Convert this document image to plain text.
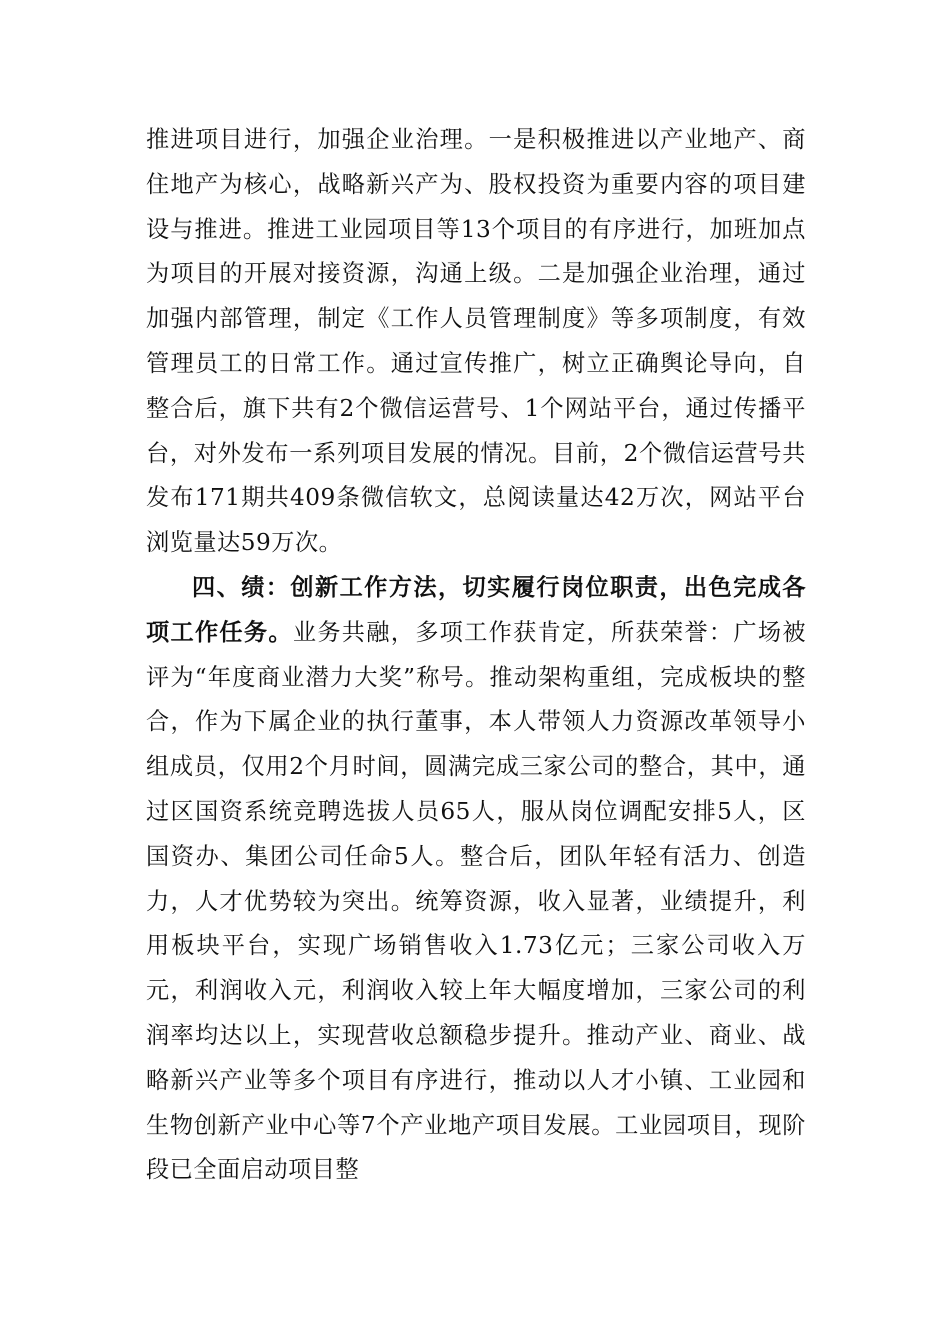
推进项目进行，加强企业治理。一是积极推进以产业地产、商住地产为核心，战略新兴产为、股权投资为重要内容的项目建设与推进。推进工业园项目等13个项目的有序进行，加班加点为项目的开展对接资源，沟通上级。二是加强企业治理，通过加强内部管理，制定《工作人员管理制度》等多项制度，有效管理员工的日常工作。通过宣传推广，树立正确舆论导向，自整合后，旗下共有2个微信运营号、1个网站平台，通过传播平台，对外发布一系列项目发展的情况。目前，2个微信运营号共发布171期共409条微信软文，总阅读量达42万次，网站平台浏览量达59万次。

四、绩：创新工作方法，切实履行岗位职责，出色完成各项工作任务。业务共融，多项工作获肯定，所获荣誉：广场被评为“年度商业潜力大奖”称号。推动架构重组，完成板块的整合，作为下属企业的执行董事，本人带领人力资源改革领导小组成员，仅用2个月时间，圆满完成三家公司的整合，其中，通过区国资系统竞聘选拔人员65人，服从岗位调配安排5人，区国资办、集团公司任命5人。整合后，团队年轻有活力、创造力，人才优势较为突出。统筹资源，收入显著，业绩提升，利用板块平台，实现广场销售收入1.73亿元；三家公司收入万元，利润收入元，利润收入较上年大幅度增加，三家公司的利润率均达以上，实现营收总额稳步提升。推动产业、商业、战略新兴产业等多个项目有序进行，推动以人才小镇、工业园和生物创新产业中心等7个产业地产项目发展。工业园项目，现阶段已全面启动项目整
